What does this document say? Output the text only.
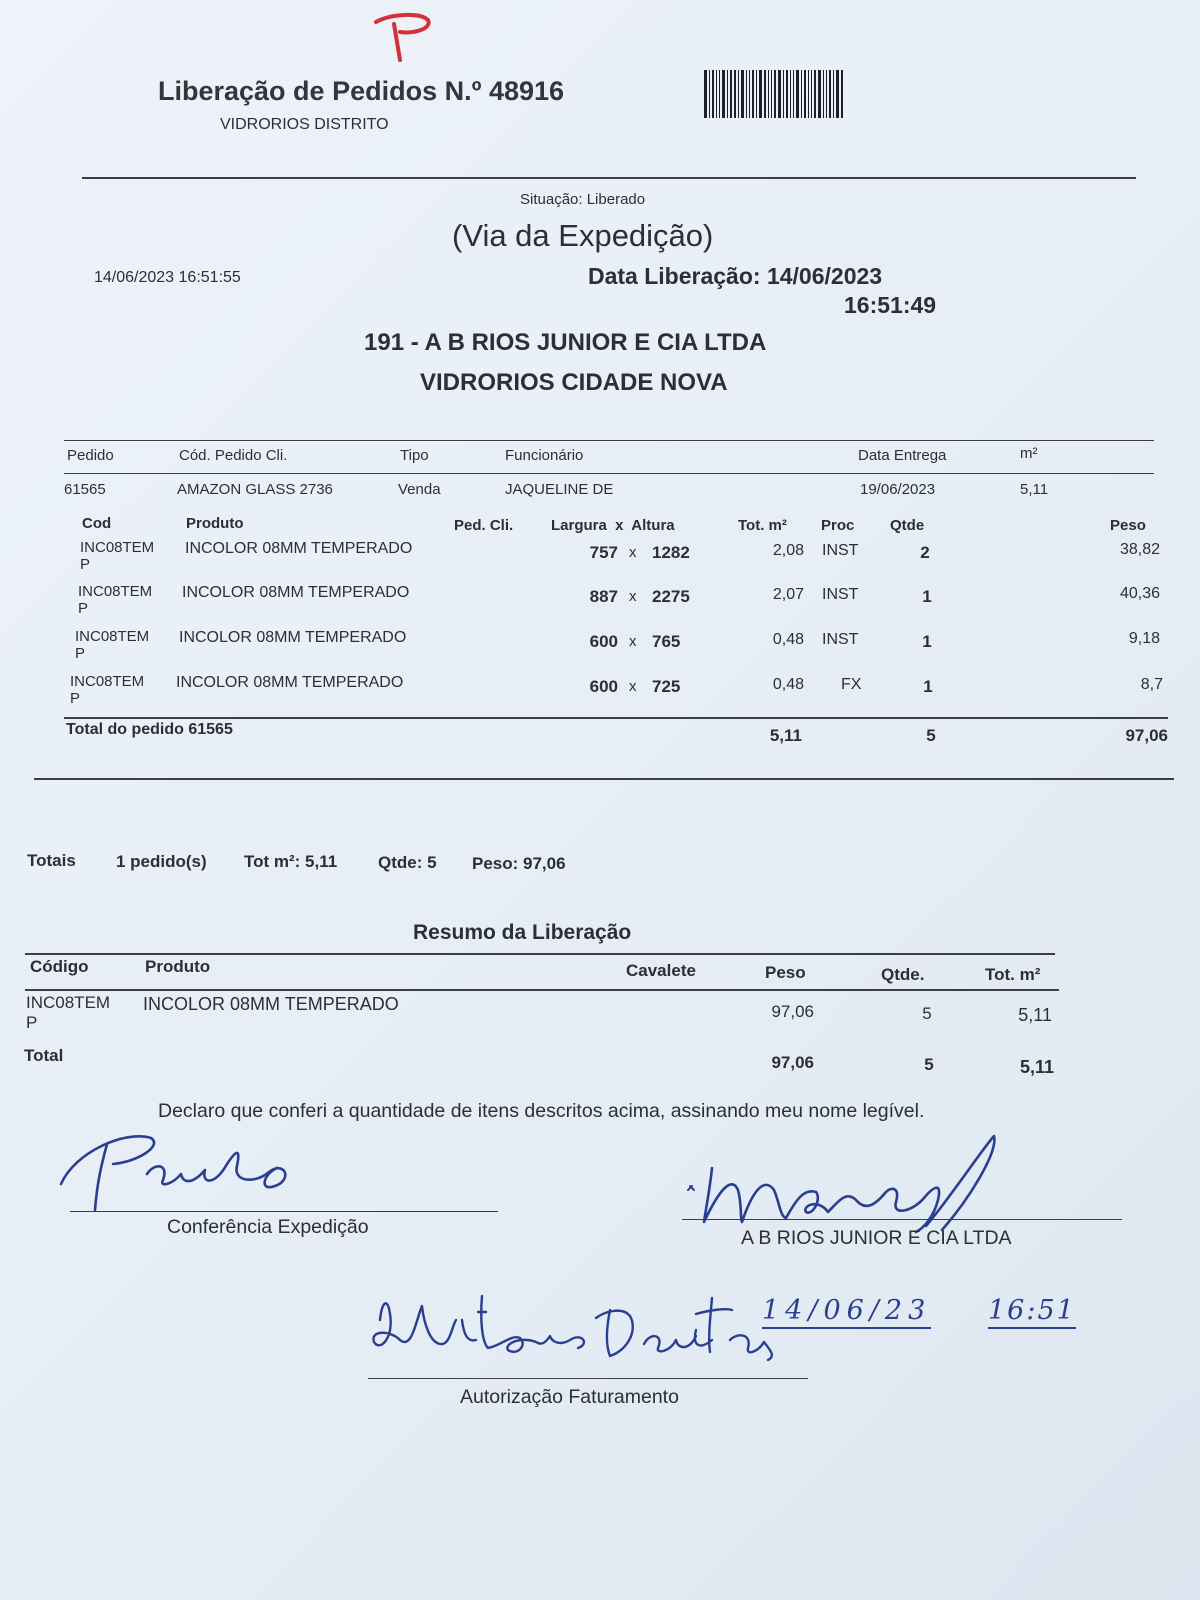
Liberação de Pedidos N.º 48916
VIDRORIOS DISTRITO
Situação: Liberado
(Via da Expedição)
14/06/2023 16:51:55	Data Liberação: 14/06/2023
16:51:49
191 - A B RIOS JUNIOR E CIA LTDA
VIDRORIOS CIDADE NOVA
Pedido	Cód. Pedido Cli.	Tipo	Funcionário	Data Entrega	m²
61565	AMAZON GLASS 2736	Venda	JAQUELINE DE	19/06/2023	5,11
Cod	Produto	Ped. Cli.	Largura  x  Altura	Tot. m² Proc Qtde	Peso
INC08TEM
P
INCOLOR 08MM TEMPERADO	757 x 1282	2,08 INST	2	38,82
INC08TEM
P
INCOLOR 08MM TEMPERADO	887 x 2275	2,07 INST	1	40,36
INC08TEM
P
INCOLOR 08MM TEMPERADO	600 x 765	0,48 INST	1	9,18
INC08TEM
P
INCOLOR 08MM TEMPERADO	600 x 725	0,48 FX	1	8,7
Total do pedido 61565	5,11	5	97,06
Totais 1 pedido(s) Tot m²: 5,11 Qtde: 5 Peso: 97,06
Resumo da Liberação
Código	Produto	Cavalete	Peso	Qtde.	Tot. m²
INC08TEM
P
INCOLOR 08MM TEMPERADO	97,06	5	5,11
Total	97,06	5	5,11
Declaro que conferi a quantidade de itens descritos acima, assinando meu nome legível.
Conferência Expedição	A B RIOS JUNIOR E CIA LTDA
14/06/23 16:51
Autorização Faturamento
